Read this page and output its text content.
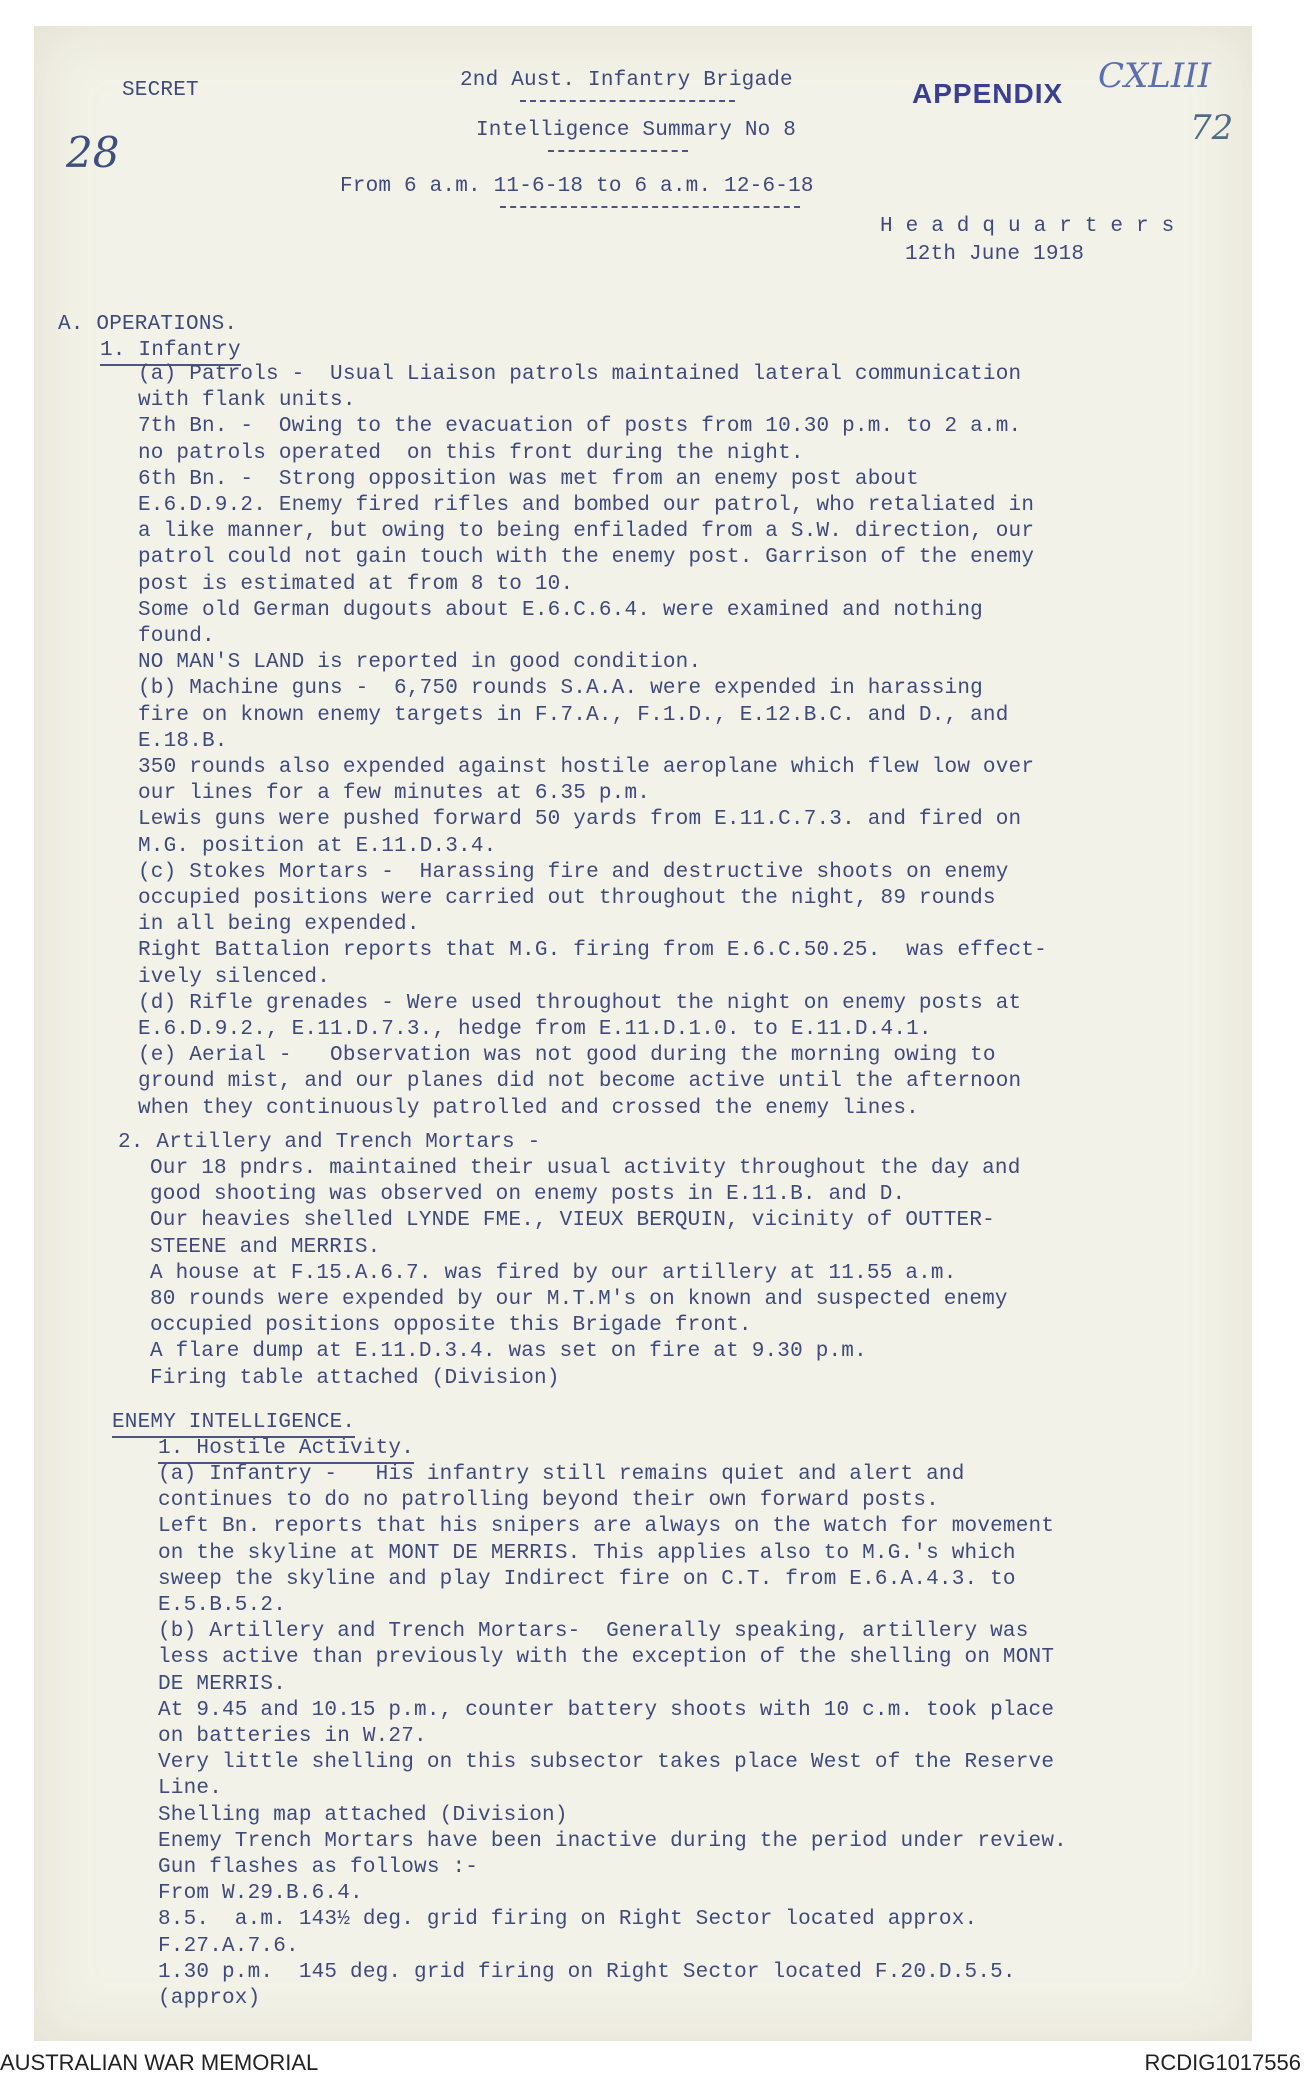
SECRET	2nd Aust. Infantry Brigade
Intelligence Summary No 8
From 6 a.m. 11-6-18 to 6 a.m. 12-6-18
H e a d q u a r t e r s
12th June 1918
APPENDIX CXLIII
72
28
A. OPERATIONS.
1. Infantry
(a) Patrols -  Usual Liaison patrols maintained lateral communication
with flank units.
7th Bn. -  Owing to the evacuation of posts from 10.30 p.m. to 2 a.m.
no patrols operated  on this front during the night.
6th Bn. -  Strong opposition was met from an enemy post about
E.6.D.9.2. Enemy fired rifles and bombed our patrol, who retaliated in
a like manner, but owing to being enfiladed from a S.W. direction, our
patrol could not gain touch with the enemy post. Garrison of the enemy
post is estimated at from 8 to 10.
Some old German dugouts about E.6.C.6.4. were examined and nothing
found.
NO MAN'S LAND is reported in good condition.
(b) Machine guns -  6,750 rounds S.A.A. were expended in harassing
fire on known enemy targets in F.7.A., F.1.D., E.12.B.C. and D., and
E.18.B.
350 rounds also expended against hostile aeroplane which flew low over
our lines for a few minutes at 6.35 p.m.
Lewis guns were pushed forward 50 yards from E.11.C.7.3. and fired on
M.G. position at E.11.D.3.4.
(c) Stokes Mortars -  Harassing fire and destructive shoots on enemy
occupied positions were carried out throughout the night, 89 rounds
in all being expended.
Right Battalion reports that M.G. firing from E.6.C.50.25.  was effect-
ively silenced.
(d) Rifle grenades - Were used throughout the night on enemy posts at
E.6.D.9.2., E.11.D.7.3., hedge from E.11.D.1.0. to E.11.D.4.1.
(e) Aerial -   Observation was not good during the morning owing to
ground mist, and our planes did not become active until the afternoon
when they continuously patrolled and crossed the enemy lines.
2. Artillery and Trench Mortars -
Our 18 pndrs. maintained their usual activity throughout the day and
good shooting was observed on enemy posts in E.11.B. and D.
Our heavies shelled LYNDE FME., VIEUX BERQUIN, vicinity of OUTTER-
STEENE and MERRIS.
A house at F.15.A.6.7. was fired by our artillery at 11.55 a.m.
80 rounds were expended by our M.T.M's on known and suspected enemy
occupied positions opposite this Brigade front.
A flare dump at E.11.D.3.4. was set on fire at 9.30 p.m.
Firing table attached (Division)
ENEMY INTELLIGENCE.
1. Hostile Activity.
(a) Infantry -   His infantry still remains quiet and alert and
continues to do no patrolling beyond their own forward posts.
Left Bn. reports that his snipers are always on the watch for movement
on the skyline at MONT DE MERRIS. This applies also to M.G.'s which
sweep the skyline and play Indirect fire on C.T. from E.6.A.4.3. to
E.5.B.5.2.
(b) Artillery and Trench Mortars-  Generally speaking, artillery was
less active than previously with the exception of the shelling on MONT
DE MERRIS.
At 9.45 and 10.15 p.m., counter battery shoots with 10 c.m. took place
on batteries in W.27.
Very little shelling on this subsector takes place West of the Reserve
Line.
Shelling map attached (Division)
Enemy Trench Mortars have been inactive during the period under review.
Gun flashes as follows :-
From W.29.B.6.4.
8.5.  a.m. 143½ deg. grid firing on Right Sector located approx.
F.27.A.7.6.
1.30 p.m.  145 deg. grid firing on Right Sector located F.20.D.5.5.
(approx)
AUSTRALIAN WAR MEMORIAL	RCDIG1017556
